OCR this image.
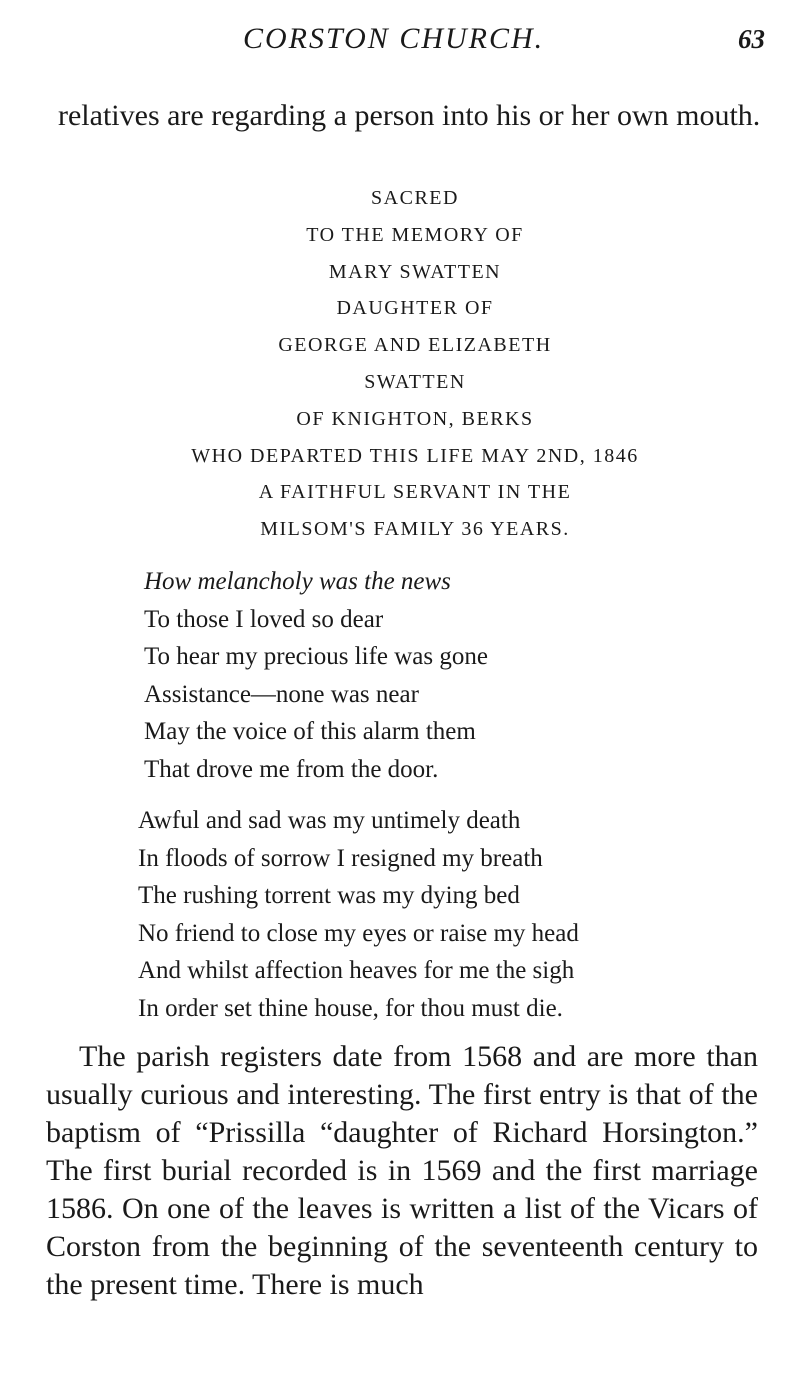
CORSTON CHURCH.	63

relatives are regarding a person into his or her own mouth.

SACRED
TO THE MEMORY OF
MARY SWATTEN
DAUGHTER OF
GEORGE AND ELIZABETH
SWATTEN
OF KNIGHTON, BERKS
WHO DEPARTED THIS LIFE MAY 2ND, 1846
A FAITHFUL SERVANT IN THE
MILSOM'S FAMILY 36 YEARS.
How melancholy was the news
To those I loved so dear
To hear my precious life was gone
Assistance—none was near
May the voice of this alarm them
That drove me from the door.
Awful and sad was my untimely death
In floods of sorrow I resigned my breath
The rushing torrent was my dying bed
No friend to close my eyes or raise my head
And whilst affection heaves for me the sigh
In order set thine house, for thou must die.

The parish registers date from 1568 and are more than usually curious and interesting. The first entry is that of the baptism of “Prissilla “daughter of Richard Horsington.” The first burial recorded is in 1569 and the first marriage 1586. On one of the leaves is written a list of the Vicars of Corston from the beginning of the seventeenth century to the present time. There is much
